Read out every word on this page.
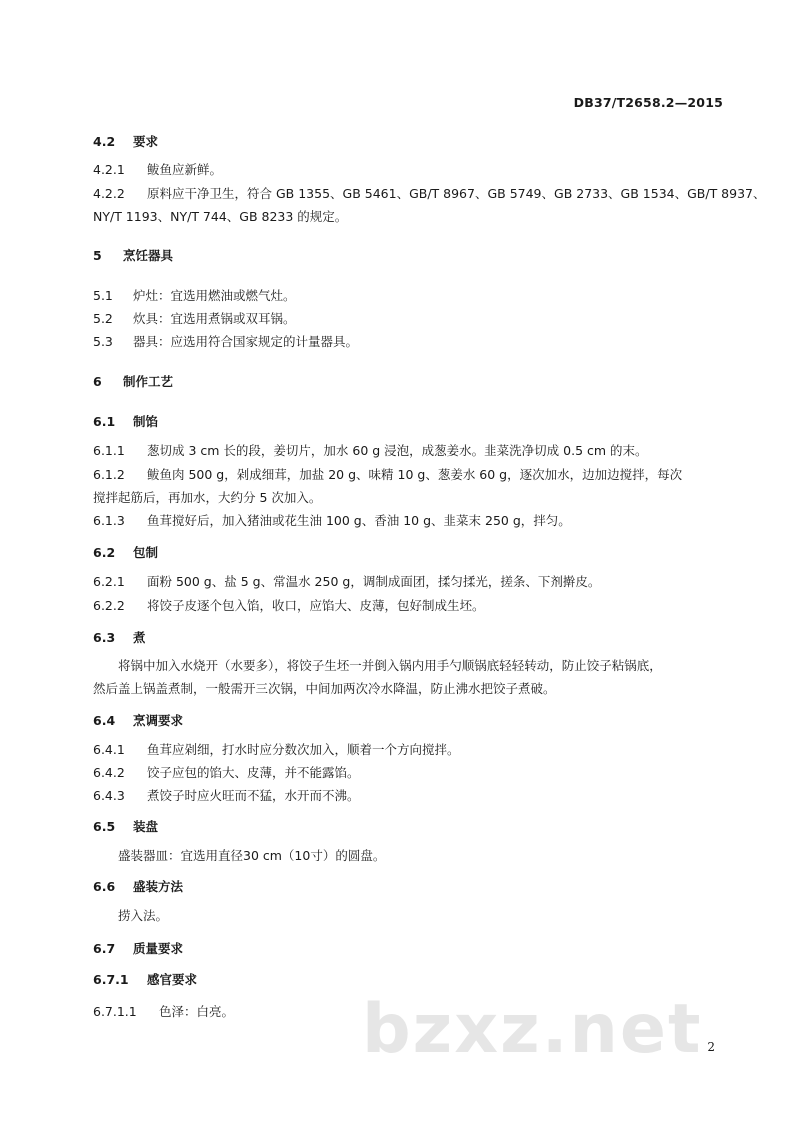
DB37/T2658.2—2015
4.2 要求
4.2.1 鲅鱼应新鲜。
4.2.2 原料应干净卫生，符合 GB 1355、GB 5461、GB/T 8967、GB 5749、GB 2733、GB 1534、GB/T 8937、
NY/T 1193、NY/T 744、GB 8233 的规定。
5 烹饪器具
5.1 炉灶：宜选用燃油或燃气灶。
5.2 炊具：宜选用煮锅或双耳锅。
5.3 器具：应选用符合国家规定的计量器具。
6 制作工艺
6.1 制馅
6.1.1 葱切成 3 cm 长的段，姜切片，加水 60 g 浸泡，成葱姜水。韭菜洗净切成 0.5 cm 的末。
6.1.2 鲅鱼肉 500 g，剁成细茸，加盐 20 g、味精 10 g、葱姜水 60 g，逐次加水，边加边搅拌，每次
搅拌起筋后，再加水，大约分 5 次加入。
6.1.3 鱼茸搅好后，加入猪油或花生油 100 g、香油 10 g、韭菜末 250 g，拌匀。
6.2 包制
6.2.1 面粉 500 g、盐 5 g、常温水 250 g，调制成面团，揉匀揉光，搓条、下剂擀皮。
6.2.2 将饺子皮逐个包入馅，收口，应馅大、皮薄，包好制成生坯。
6.3 煮
将锅中加入水烧开（水要多），将饺子生坯一并倒入锅内用手勺顺锅底轻轻转动，防止饺子粘锅底，
然后盖上锅盖煮制，一般需开三次锅，中间加两次冷水降温，防止沸水把饺子煮破。
6.4 烹调要求
6.4.1 鱼茸应剁细，打水时应分数次加入，顺着一个方向搅拌。
6.4.2 饺子应包的馅大、皮薄，并不能露馅。
6.4.3 煮饺子时应火旺而不猛，水开而不沸。
6.5 装盘
盛装器皿：宜选用直径30 cm（10寸）的圆盘。
6.6 盛装方法
捞入法。
6.7 质量要求
6.7.1 感官要求
6.7.1.1 色泽：白亮。 bzxz.net 2
